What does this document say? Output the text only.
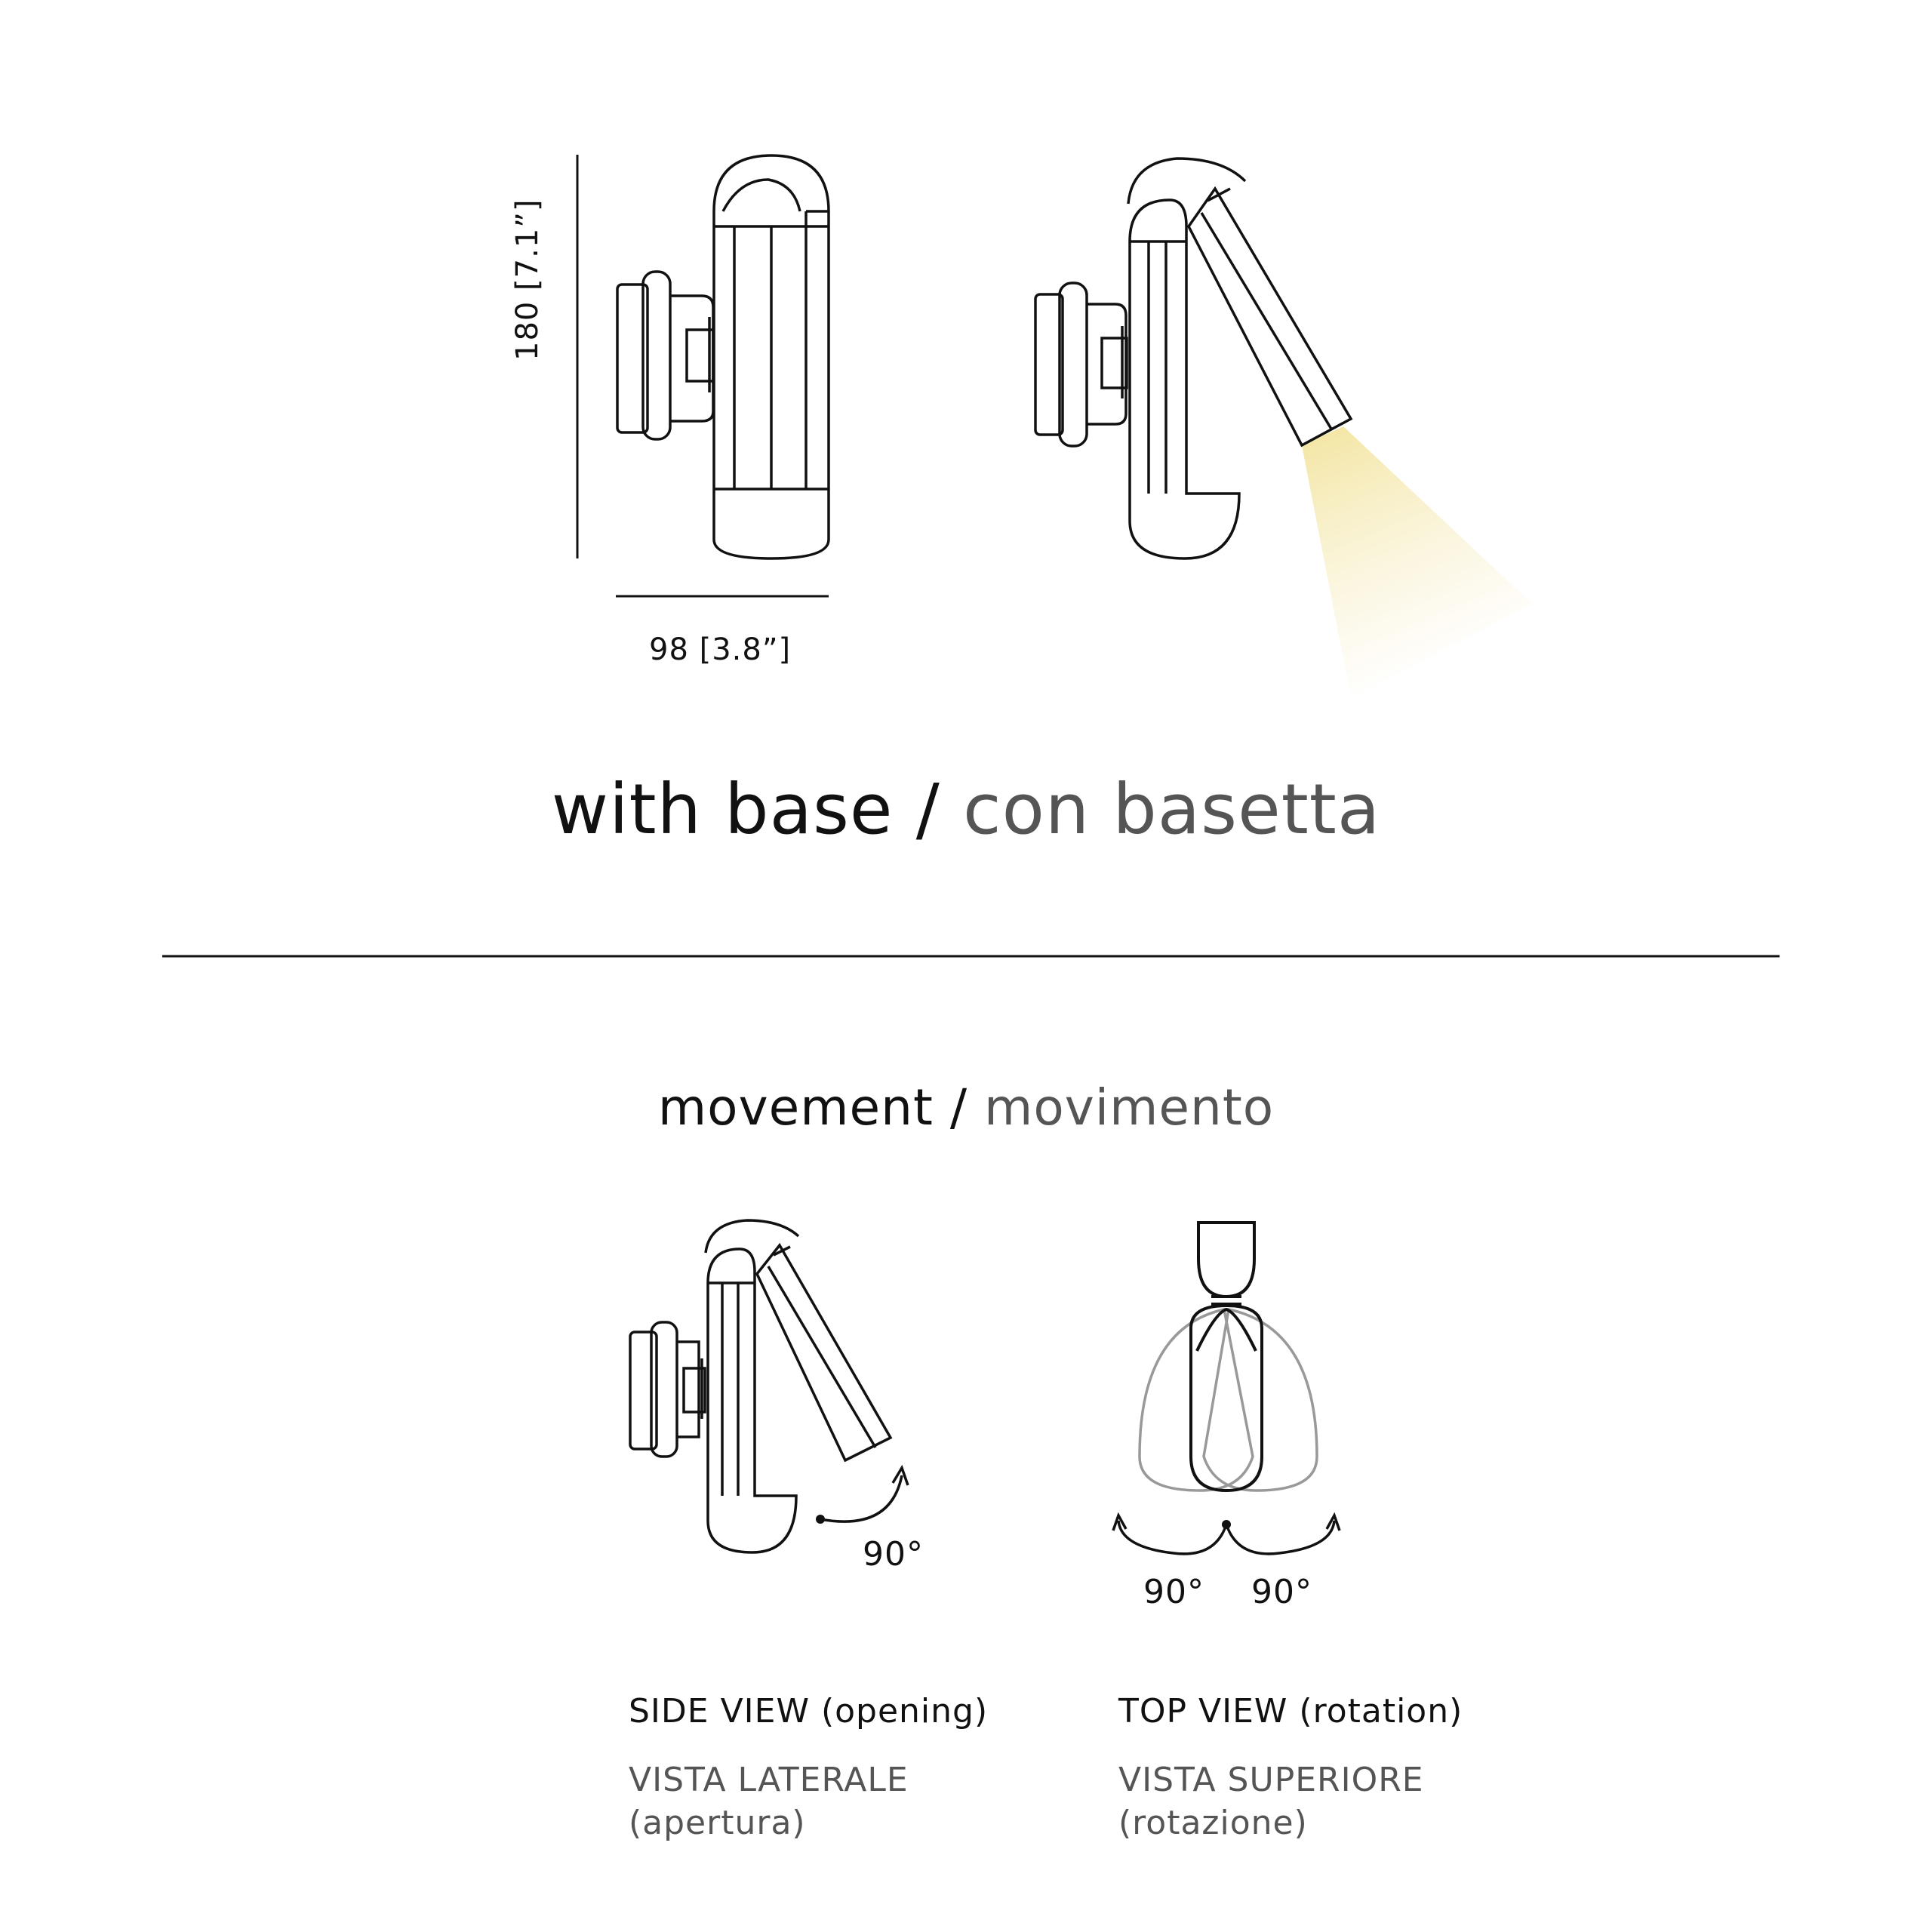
180 [7.1”]
98 [3.8”]
with base / con basetta
movement / movimento
90°
90° 90°
SIDE VIEW (opening)
VISTA LATERALE (apertura)
TOP VIEW (rotation)
VISTA SUPERIORE (rotazione)
